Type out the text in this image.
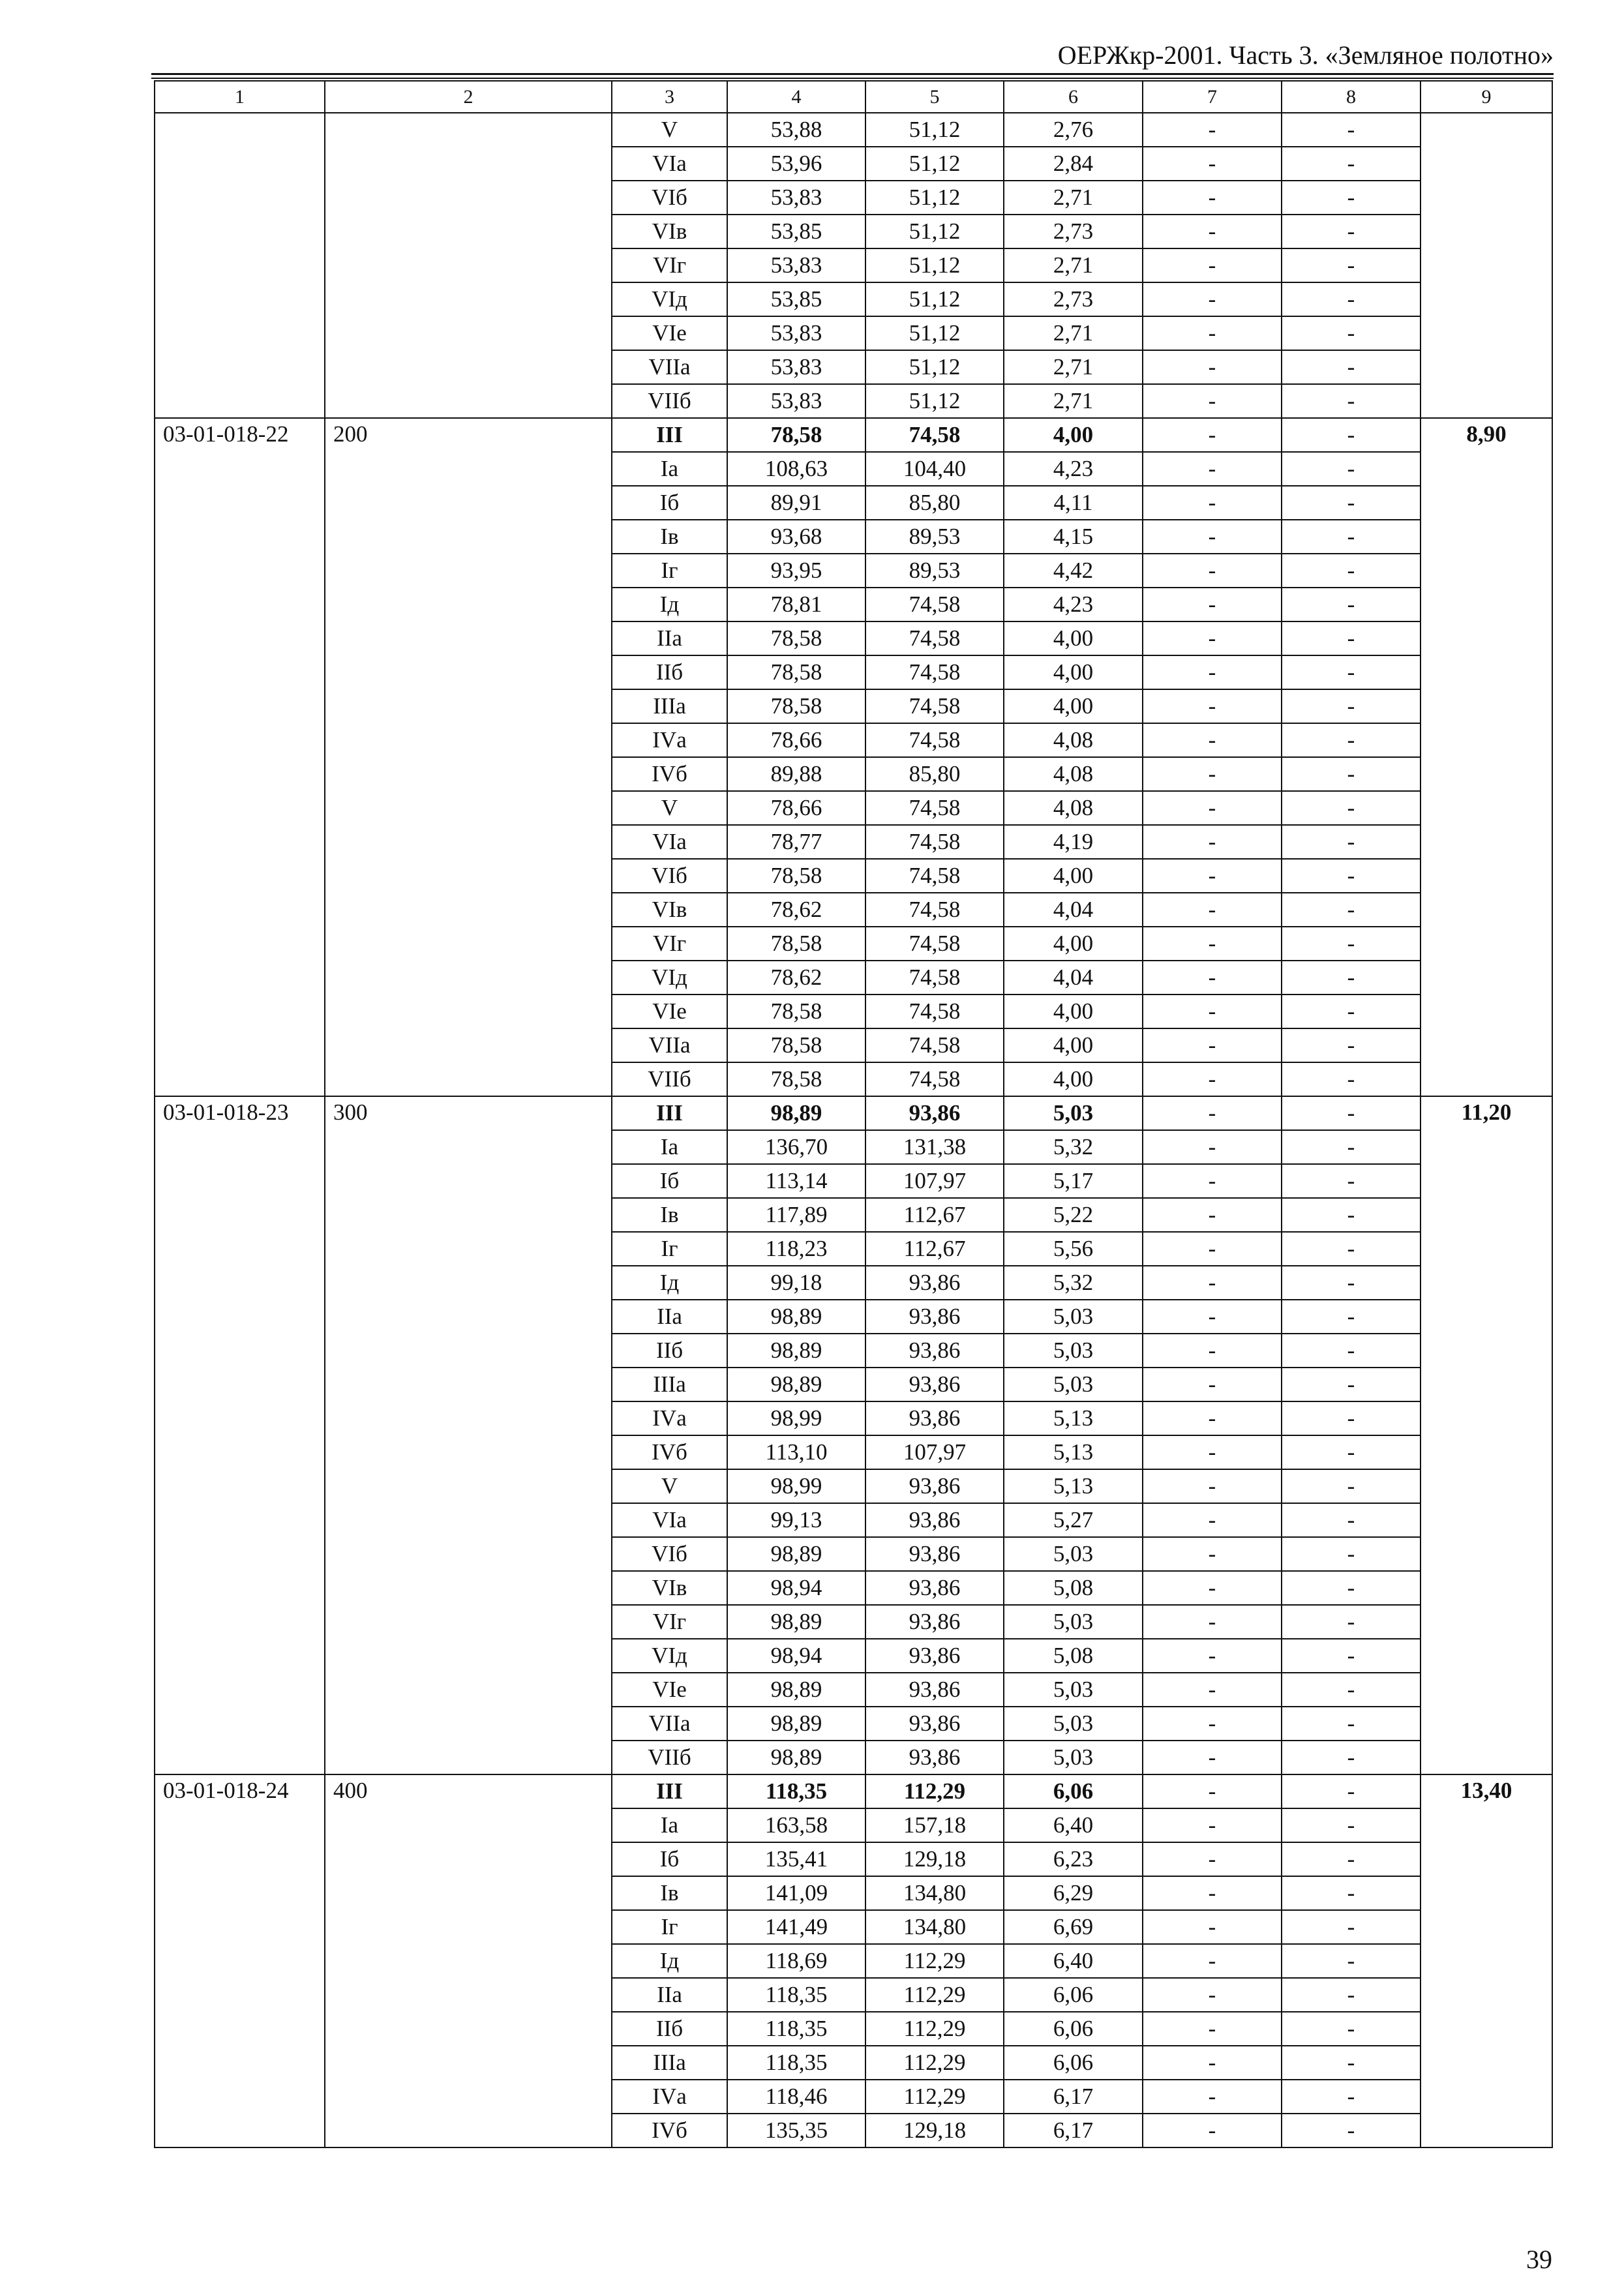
ОЕРЖкр-2001. Часть 3. «Земляное полотно»
1	2	3	4	5	6	7	8	9
		V	53,88	51,12	2,76	-	-	
		VIа	53,96	51,12	2,84	-	-	
		VIб	53,83	51,12	2,71	-	-	
		VIв	53,85	51,12	2,73	-	-	
		VIг	53,83	51,12	2,71	-	-	
		VIд	53,85	51,12	2,73	-	-	
		VIе	53,83	51,12	2,71	-	-	
		VIIа	53,83	51,12	2,71	-	-	
		VIIб	53,83	51,12	2,71	-	-	
03-01-018-22	200	III	78,58	74,58	4,00	-	-	8,90
		Iа	108,63	104,40	4,23	-	-	
		Iб	89,91	85,80	4,11	-	-	
		Iв	93,68	89,53	4,15	-	-	
		Iг	93,95	89,53	4,42	-	-	
		Iд	78,81	74,58	4,23	-	-	
		IIа	78,58	74,58	4,00	-	-	
		IIб	78,58	74,58	4,00	-	-	
		IIIа	78,58	74,58	4,00	-	-	
		IVа	78,66	74,58	4,08	-	-	
		IVб	89,88	85,80	4,08	-	-	
		V	78,66	74,58	4,08	-	-	
		VIа	78,77	74,58	4,19	-	-	
		VIб	78,58	74,58	4,00	-	-	
		VIв	78,62	74,58	4,04	-	-	
		VIг	78,58	74,58	4,00	-	-	
		VIд	78,62	74,58	4,04	-	-	
		VIе	78,58	74,58	4,00	-	-	
		VIIа	78,58	74,58	4,00	-	-	
		VIIб	78,58	74,58	4,00	-	-	
03-01-018-23	300	III	98,89	93,86	5,03	-	-	11,20
		Iа	136,70	131,38	5,32	-	-	
		Iб	113,14	107,97	5,17	-	-	
		Iв	117,89	112,67	5,22	-	-	
		Iг	118,23	112,67	5,56	-	-	
		Iд	99,18	93,86	5,32	-	-	
		IIа	98,89	93,86	5,03	-	-	
		IIб	98,89	93,86	5,03	-	-	
		IIIа	98,89	93,86	5,03	-	-	
		IVа	98,99	93,86	5,13	-	-	
		IVб	113,10	107,97	5,13	-	-	
		V	98,99	93,86	5,13	-	-	
		VIа	99,13	93,86	5,27	-	-	
		VIб	98,89	93,86	5,03	-	-	
		VIв	98,94	93,86	5,08	-	-	
		VIг	98,89	93,86	5,03	-	-	
		VIд	98,94	93,86	5,08	-	-	
		VIе	98,89	93,86	5,03	-	-	
		VIIа	98,89	93,86	5,03	-	-	
		VIIб	98,89	93,86	5,03	-	-	
03-01-018-24	400	III	118,35	112,29	6,06	-	-	13,40
		Iа	163,58	157,18	6,40	-	-	
		Iб	135,41	129,18	6,23	-	-	
		Iв	141,09	134,80	6,29	-	-	
		Iг	141,49	134,80	6,69	-	-	
		Iд	118,69	112,29	6,40	-	-	
		IIа	118,35	112,29	6,06	-	-	
		IIб	118,35	112,29	6,06	-	-	
		IIIа	118,35	112,29	6,06	-	-	
		IVа	118,46	112,29	6,17	-	-	
		IVб	135,35	129,18	6,17	-	-	
39
